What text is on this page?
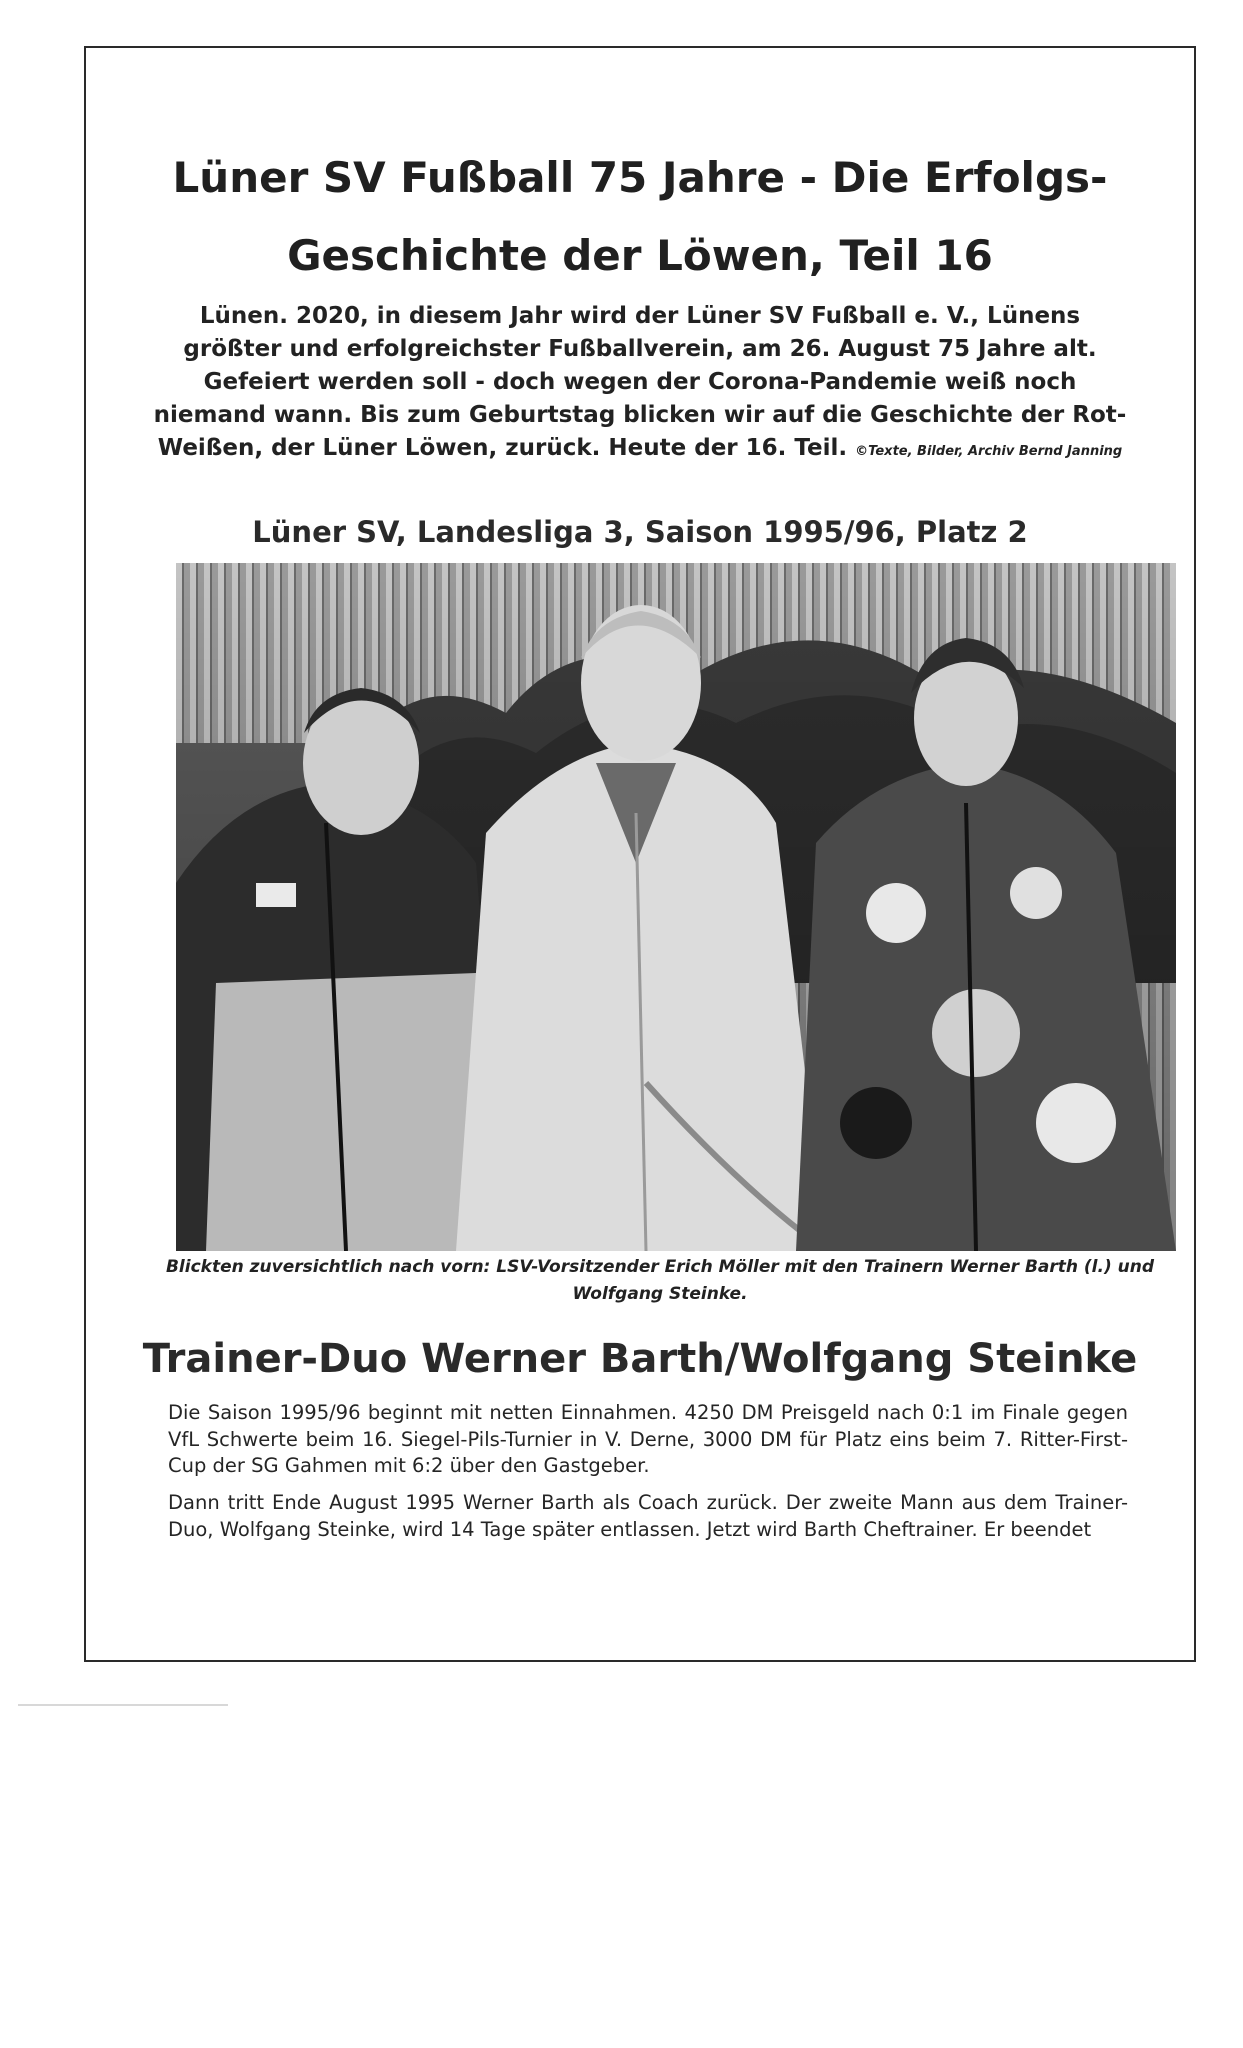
Lüner SV Fußball 75 Jahre - Die Erfolgs-
Geschichte der Löwen, Teil 16

Lünen. 2020, in diesem Jahr wird der Lüner SV Fußball e. V., Lünens größter und erfolgreichster Fußballverein, am 26. August 75 Jahre alt. Gefeiert werden soll - doch wegen der Corona-Pandemie weiß noch niemand wann. Bis zum Geburtstag blicken wir auf die Geschichte der Rot-Weißen, der Lüner Löwen, zurück. Heute der 16. Teil. ©Texte, Bilder, Archiv Bernd Janning

Lüner SV, Landesliga 3, Saison 1995/96, Platz 2

Blickten zuversichtlich nach vorn: LSV-Vorsitzender Erich Möller mit den Trainern Werner Barth (l.) und Wolfgang Steinke.

Trainer-Duo Werner Barth/Wolfgang Steinke

Die Saison 1995/96 beginnt mit netten Einnahmen. 4250 DM Preisgeld nach 0:1 im Finale gegen VfL Schwerte beim 16. Siegel-Pils-Turnier in V. Derne, 3000 DM für Platz eins beim 7. Ritter-First-Cup der SG Gahmen mit 6:2 über den Gastgeber.

Dann tritt Ende August 1995 Werner Barth als Coach zurück. Der zweite Mann aus dem Trainer-Duo, Wolfgang Steinke, wird 14 Tage später entlassen. Jetzt wird Barth Cheftrainer. Er beendet
